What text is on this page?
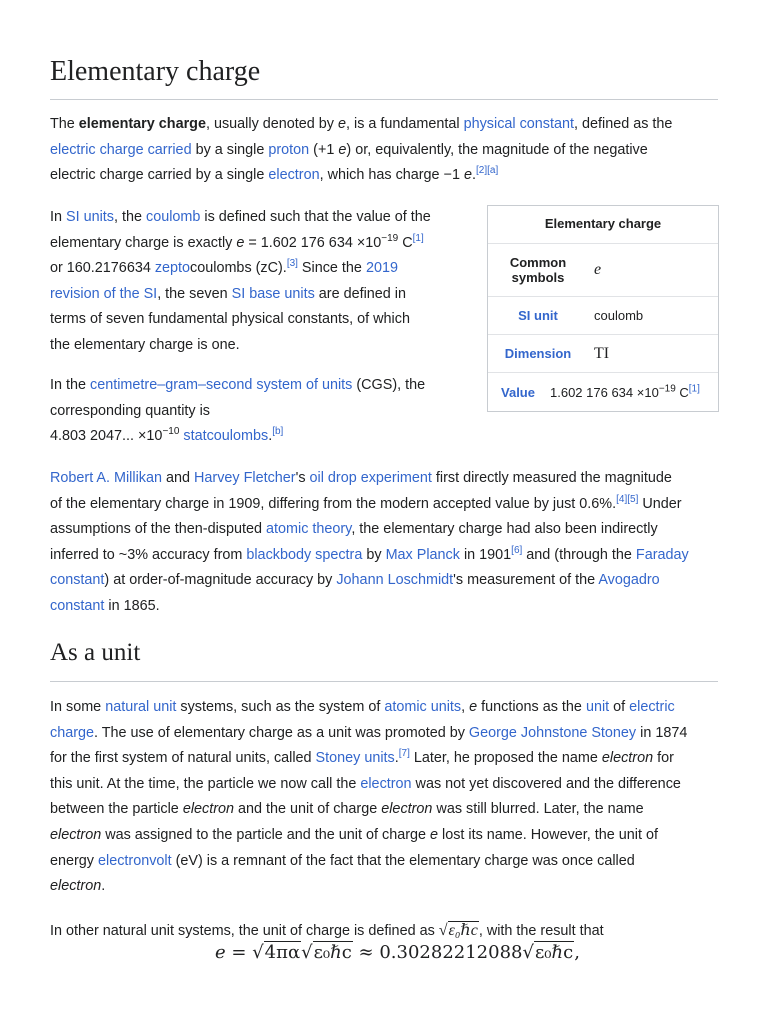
Elementary charge

The elementary charge, usually denoted by e, is a fundamental physical constant, defined as the
electric charge carried by a single proton (+1 e) or, equivalently, the magnitude of the negative
electric charge carried by a single electron, which has charge −1 e.[2][a]

In SI units, the coulomb is defined such that the value of the
elementary charge is exactly e = 1.602 176 $634 \times 10^{-19}$ C[1]
or 160.2176634 zeptocoulombs (zC).[3] Since the 2019
revision of the SI, the seven SI base units are defined in
terms of seven fundamental physical constants, of which
the elementary charge is one.

In the centimetre–gram–second system of units (CGS), the
corresponding quantity is
4.803 2047... $\times 10^{-10}$ statcoulombs.[b]

Elementary charge
Common symbols	e
SI unit	coulomb
Dimension	TI
Value	1.602 176 $634 \times 10^{-19}$ C[1]

Robert A. Millikan and Harvey Fletcher's oil drop experiment first directly measured the magnitude
of the elementary charge in 1909, differing from the modern accepted value by just 0.6%.[4][5] Under
assumptions of the then-disputed atomic theory, the elementary charge had also been indirectly
inferred to ~3% accuracy from blackbody spectra by Max Planck in 1901[6] and (through the Faraday
constant) at order-of-magnitude accuracy by Johann Loschmidt's measurement of the Avogadro
constant in 1865.

As a unit

In some natural unit systems, such as the system of atomic units, e functions as the unit of electric
charge. The use of elementary charge as a unit was promoted by George Johnstone Stoney in 1874
for the first system of natural units, called Stoney units.[7] Later, he proposed the name electron for
this unit. At the time, the particle we now call the electron was not yet discovered and the difference
between the particle electron and the unit of charge electron was still blurred. Later, the name
electron was assigned to the particle and the unit of charge e lost its name. However, the unit of
energy electronvolt (eV) is a remnant of the fact that the elementary charge was once called
electron.

In other natural unit systems, the unit of charge is defined as √ε₀ℏc, with the result that

e = √4πα√ε₀ℏc ≈ 0.30282212088√ε₀ℏc,
